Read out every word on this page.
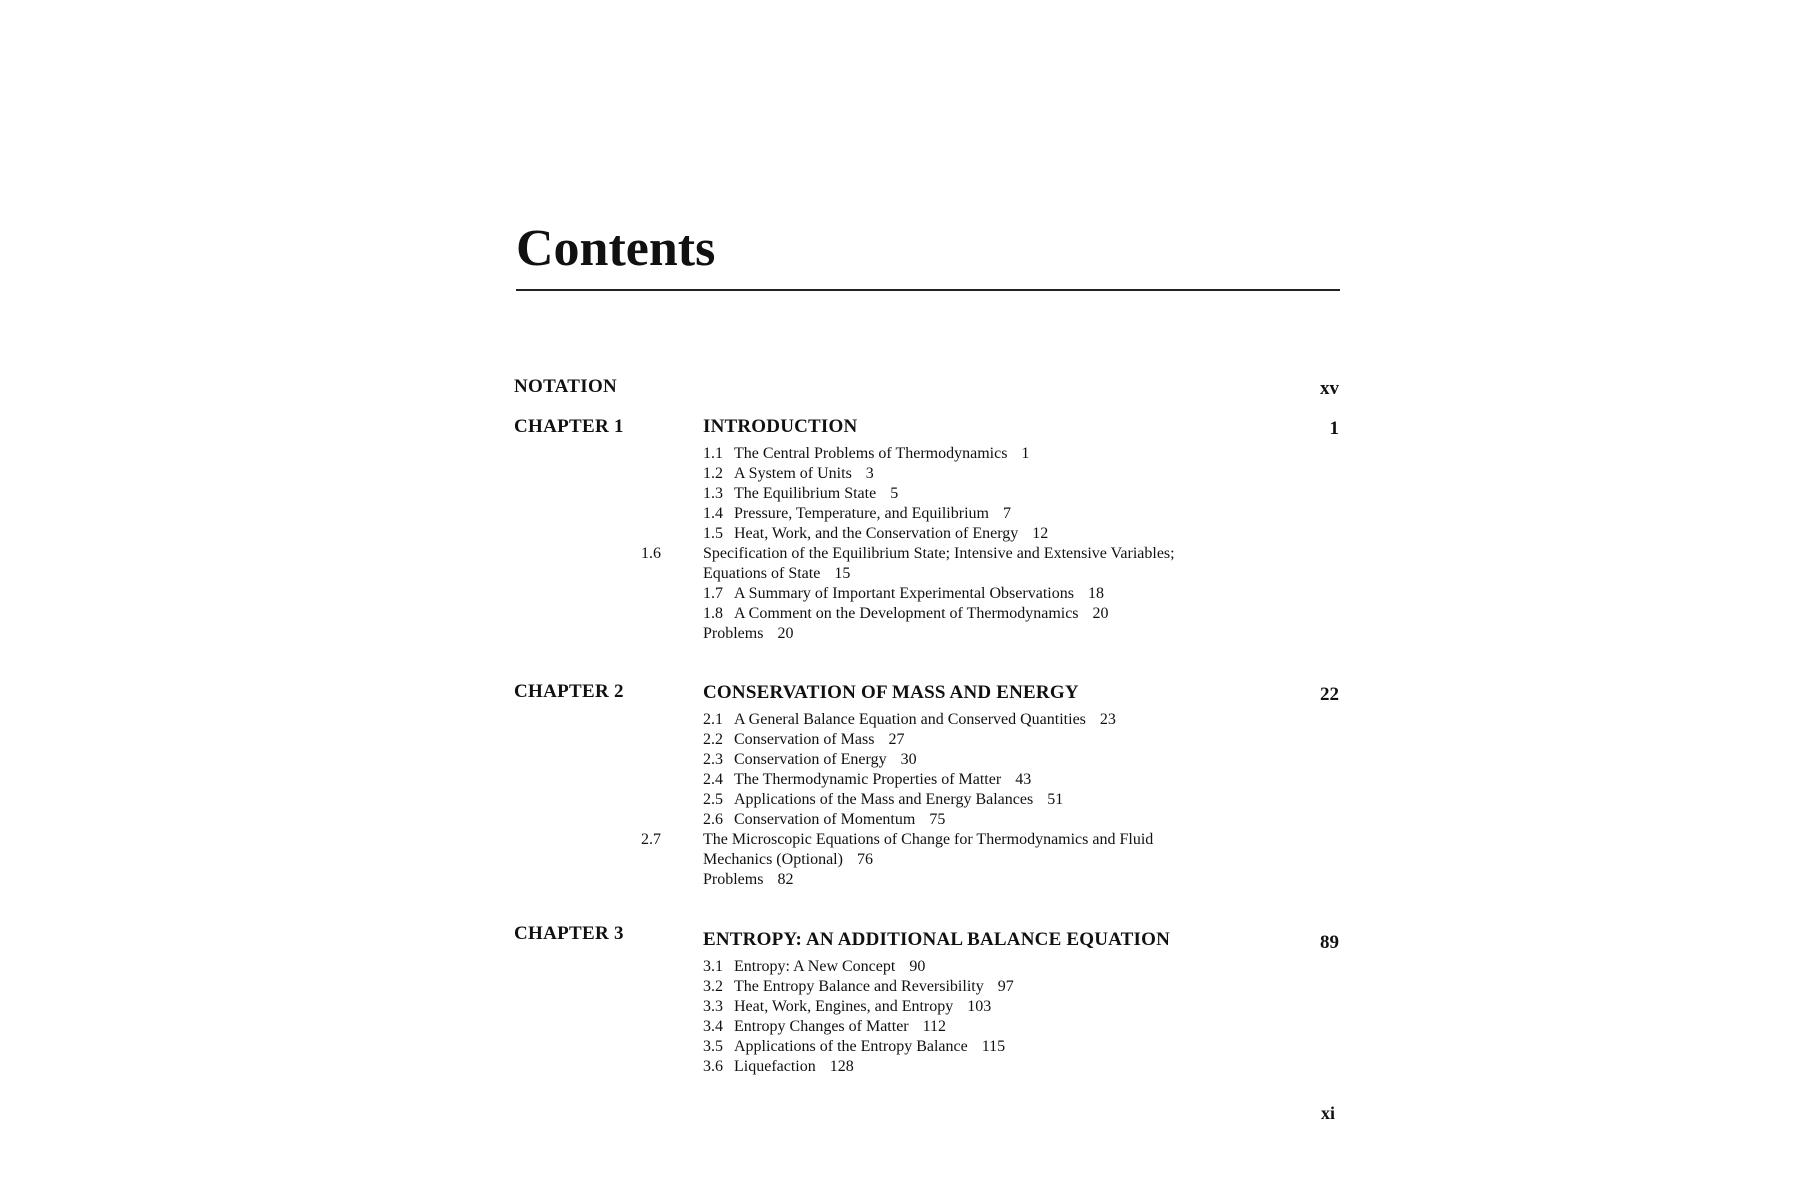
Contents
NOTATION	xv
CHAPTER 1	INTRODUCTION	1
1.1 The Central Problems of Thermodynamics 1
1.2 A System of Units 3
1.3 The Equilibrium State 5
1.4 Pressure, Temperature, and Equilibrium 7
1.5 Heat, Work, and the Conservation of Energy 12
1.6	Specification of the Equilibrium State; Intensive and Extensive Variables; Equations of State 15
1.7 A Summary of Important Experimental Observations 18
1.8 A Comment on the Development of Thermodynamics 20
Problems 20
CHAPTER 2	CONSERVATION OF MASS AND ENERGY	22
2.1 A General Balance Equation and Conserved Quantities 23
2.2 Conservation of Mass 27
2.3 Conservation of Energy 30
2.4 The Thermodynamic Properties of Matter 43
2.5 Applications of the Mass and Energy Balances 51
2.6 Conservation of Momentum 75
2.7	The Microscopic Equations of Change for Thermodynamics and Fluid Mechanics (Optional) 76
Problems 82
CHAPTER 3	ENTROPY: AN ADDITIONAL BALANCE EQUATION	89
3.1 Entropy: A New Concept 90
3.2 The Entropy Balance and Reversibility 97
3.3 Heat, Work, Engines, and Entropy 103
3.4 Entropy Changes of Matter 112
3.5 Applications of the Entropy Balance 115
3.6 Liquefaction 128
xi
